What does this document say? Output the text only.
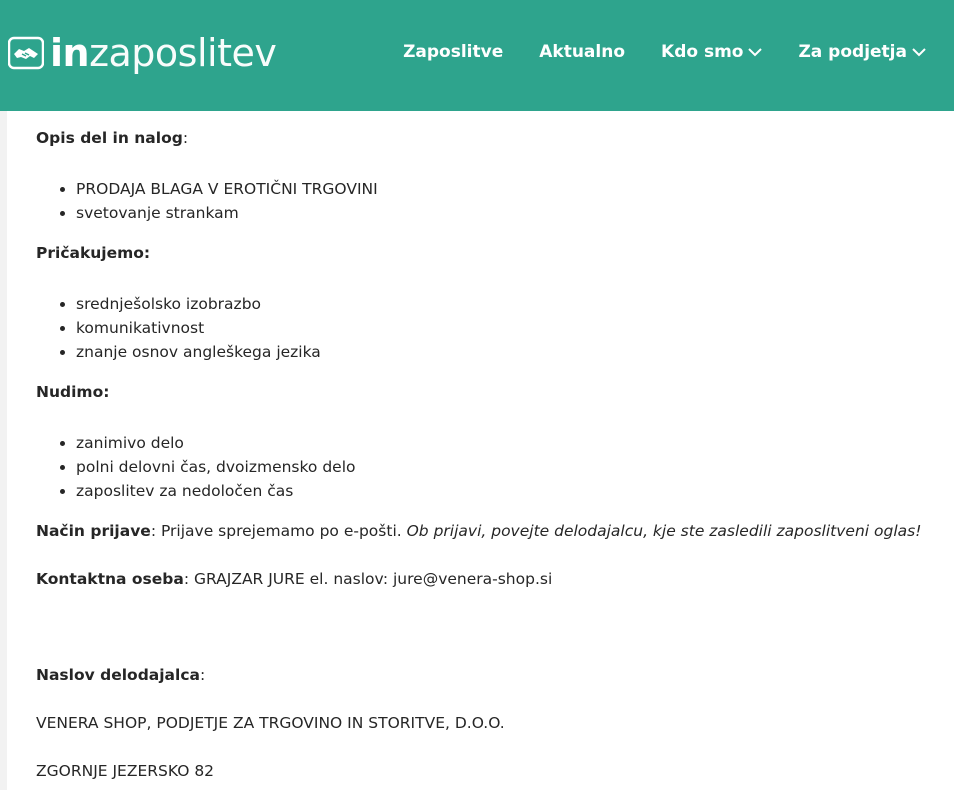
inzaposlitev	Zaposlitve Aktualno Kdo smo	Za podjetja

Opis del in nalog:

• PRODAJA BLAGA V EROTIČNI TRGOVINI
• svetovanje strankam

Pričakujemo:

• srednješolsko izobrazbo
• komunikativnost
• znanje osnov angleškega jezika

Nudimo:

• zanimivo delo
• polni delovni čas, dvoizmensko delo
• zaposlitev za nedoločen čas

Način prijave: Prijave sprejemamo po e-pošti. Ob prijavi, povejte delodajalcu, kje ste zasledili zaposlitveni oglas!

Kontaktna oseba: GRAJZAR JURE el. naslov: jure@venera-shop.si

Naslov delodajalca:

VENERA SHOP, PODJETJE ZA TRGOVINO IN STORITVE, D.O.O.

ZGORNJE JEZERSKO 82
